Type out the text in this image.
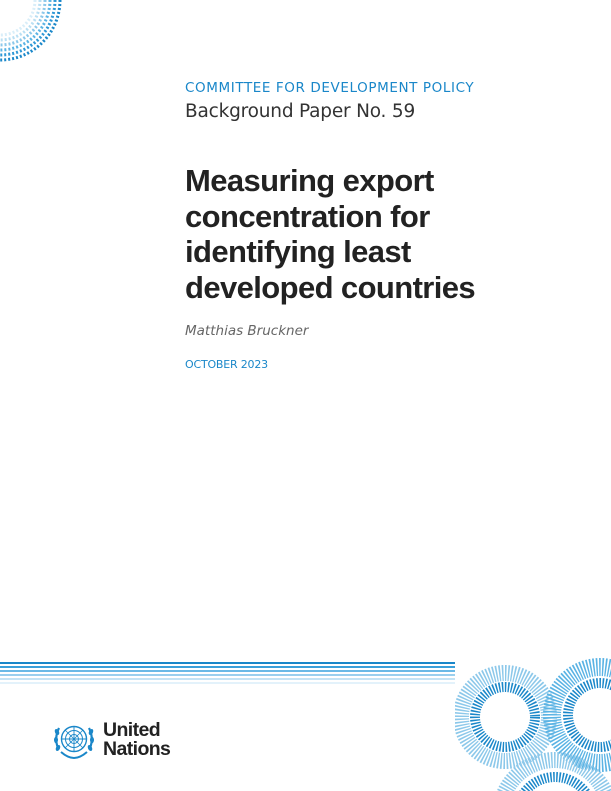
COMMITTEE FOR DEVELOPMENT POLICY
Background Paper No. 59
Measuring export
concentration for
identifying least
developed countries
Matthias Bruckner
OCTOBER 2023
United
Nations
